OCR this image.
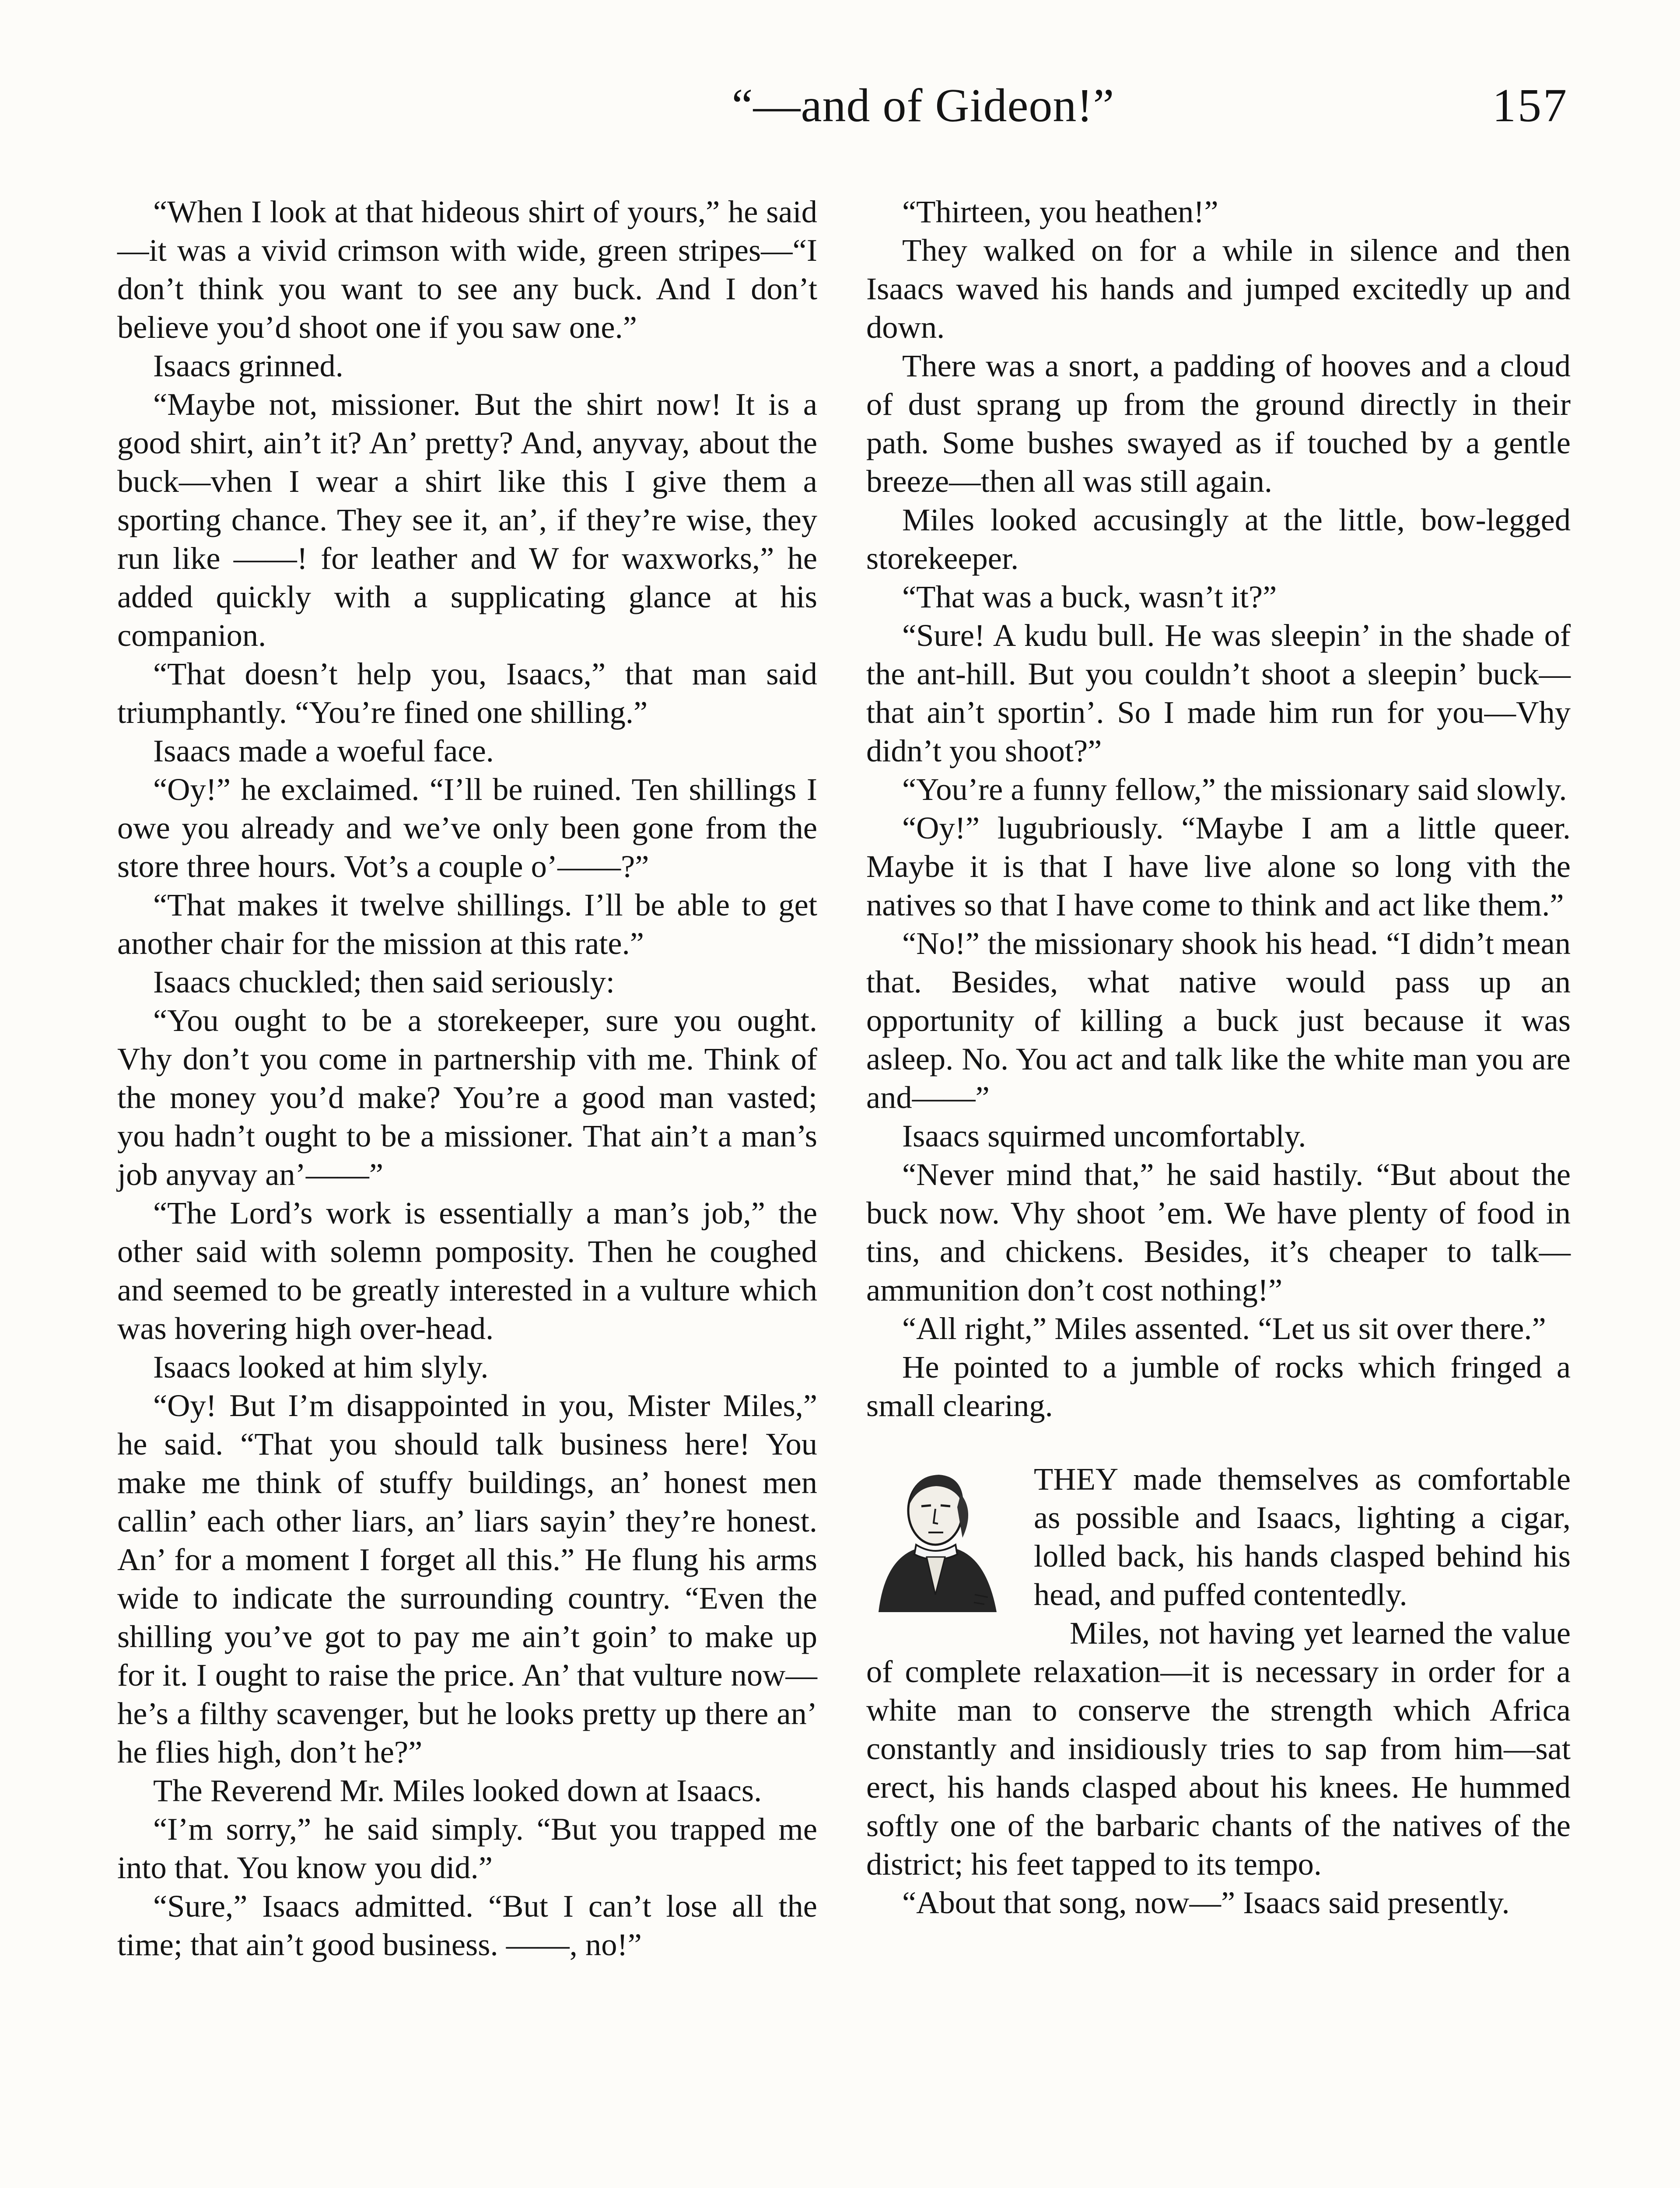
“—and of Gideon!”	157

“When I look at that hideous shirt of yours,” he said—it was a vivid crimson with wide, green stripes—“I don’t think you want to see any buck. And I don’t believe you’d shoot one if you saw one.”

Isaacs grinned.

“Maybe not, missioner. But the shirt now! It is a good shirt, ain’t it? An’ pretty? And, anyvay, about the buck—vhen I wear a shirt like this I give them a sporting chance. They see it, an’, if they’re wise, they run like ——! for leather and W for waxworks,” he added quickly with a supplicating glance at his companion.

“That doesn’t help you, Isaacs,” that man said triumphantly. “You’re fined one shilling.”

Isaacs made a woeful face.

“Oy!” he exclaimed. “I’ll be ruined. Ten shillings I owe you already and we’ve only been gone from the store three hours. Vot’s a couple o’——?”

“That makes it twelve shillings. I’ll be able to get another chair for the mission at this rate.”

Isaacs chuckled; then said seriously:

“You ought to be a storekeeper, sure you ought. Vhy don’t you come in partnership vith me. Think of the money you’d make? You’re a good man vasted; you hadn’t ought to be a missioner. That ain’t a man’s job anyvay an’——”

“The Lord’s work is essentially a man’s job,” the other said with solemn pomposity. Then he coughed and seemed to be greatly interested in a vulture which was hovering high over-head.

Isaacs looked at him slyly.

“Oy! But I’m disappointed in you, Mister Miles,” he said. “That you should talk business here! You make me think of stuffy buildings, an’ honest men callin’ each other liars, an’ liars sayin’ they’re honest. An’ for a moment I forget all this.” He flung his arms wide to indicate the surrounding country. “Even the shilling you’ve got to pay me ain’t goin’ to make up for it. I ought to raise the price. An’ that vulture now—he’s a filthy scavenger, but he looks pretty up there an’ he flies high, don’t he?”

The Reverend Mr. Miles looked down at Isaacs.

“I’m sorry,” he said simply. “But you trapped me into that. You know you did.”

“Sure,” Isaacs admitted. “But I can’t lose all the time; that ain’t good business. ——, no!”

“Thirteen, you heathen!”

They walked on for a while in silence and then Isaacs waved his hands and jumped excitedly up and down.

There was a snort, a padding of hooves and a cloud of dust sprang up from the ground directly in their path. Some bushes swayed as if touched by a gentle breeze—then all was still again.

Miles looked accusingly at the little, bow-legged storekeeper.

“That was a buck, wasn’t it?”

“Sure! A kudu bull. He was sleepin’ in the shade of the ant-hill. But you couldn’t shoot a sleepin’ buck—that ain’t sportin’. So I made him run for you—Vhy didn’t you shoot?”

“You’re a funny fellow,” the missionary said slowly.

“Oy!” lugubriously. “Maybe I am a little queer. Maybe it is that I have live alone so long vith the natives so that I have come to think and act like them.”

“No!” the missionary shook his head. “I didn’t mean that. Besides, what native would pass up an opportunity of killing a buck just because it was asleep. No. You act and talk like the white man you are and——”

Isaacs squirmed uncomfortably.

“Never mind that,” he said hastily. “But about the buck now. Vhy shoot ’em. We have plenty of food in tins, and chickens. Besides, it’s cheaper to talk—ammunition don’t cost nothing!”

“All right,” Miles assented. “Let us sit over there.”

He pointed to a jumble of rocks which fringed a small clearing.

THEY made themselves as comfortable as possible and Isaacs, lighting a cigar, lolled back, his hands clasped behind his head, and puffed contentedly.

Miles, not having yet learned the value of complete relaxation—it is necessary in order for a white man to conserve the strength which Africa constantly and insidiously tries to sap from him—sat erect, his hands clasped about his knees. He hummed softly one of the barbaric chants of the natives of the district; his feet tapped to its tempo.

“About that song, now—” Isaacs said presently.
